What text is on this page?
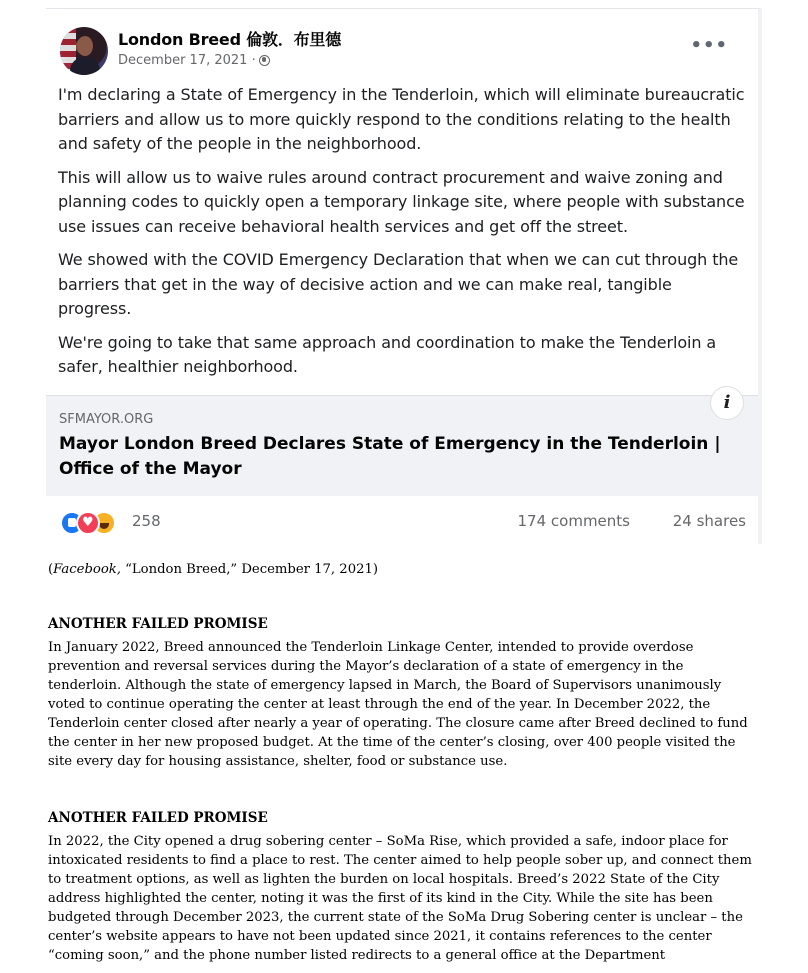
London Breed 倫敦．布里德
December 17, 2021 ·
•••

I'm declaring a State of Emergency in the Tenderloin, which will eliminate bureaucratic barriers and allow us to more quickly respond to the conditions relating to the health and safety of the people in the neighborhood.

This will allow us to waive rules around contract procurement and waive zoning and planning codes to quickly open a temporary linkage site, where people with substance use issues can receive behavioral health services and get off the street.

We showed with the COVID Emergency Declaration that when we can cut through the barriers that get in the way of decisive action and we can make real, tangible progress.

We're going to take that same approach and coordination to make the Tenderloin a safer, healthier neighborhood.

i
SFMAYOR.ORG
Mayor London Breed Declares State of Emergency in the Tenderloin | Office of the Mayor
♥
258	174 comments	24 shares

(Facebook, “London Breed,” December 17, 2021)

ANOTHER FAILED PROMISE

In January 2022, Breed announced the Tenderloin Linkage Center, intended to provide overdose prevention and reversal services during the Mayor’s declaration of a state of emergency in the tenderloin. Although the state of emergency lapsed in March, the Board of Supervisors unanimously voted to continue operating the center at least through the end of the year. In December 2022, the Tenderloin center closed after nearly a year of operating. The closure came after Breed declined to fund the center in her new proposed budget. At the time of the center’s closing, over 400 people visited the site every day for housing assistance, shelter, food or substance use.

ANOTHER FAILED PROMISE

In 2022, the City opened a drug sobering center – SoMa Rise, which provided a safe, indoor place for intoxicated residents to find a place to rest. The center aimed to help people sober up, and connect them to treatment options, as well as lighten the burden on local hospitals. Breed’s 2022 State of the City address highlighted the center, noting it was the first of its kind in the City. While the site has been budgeted through December 2023, the current state of the SoMa Drug Sobering center is unclear – the center’s website appears to have not been updated since 2021, it contains references to the center “coming soon,” and the phone number listed redirects to a general office at the Department
